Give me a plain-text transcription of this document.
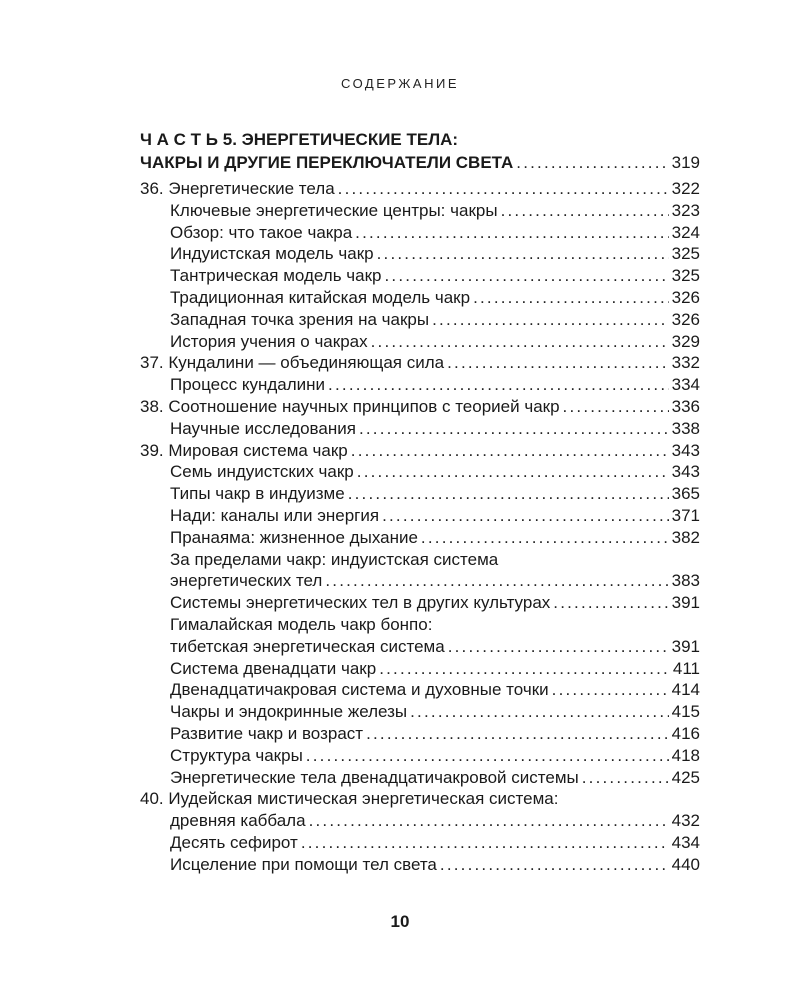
СОДЕРЖАНИЕ
Ч А С Т Ь
5. ЭНЕРГЕТИЧЕСКИЕ ТЕЛА:
ЧАКРЫ И ДРУГИЕ ПЕРЕКЛЮЧАТЕЛИ СВЕТА .....	319
36. Энергетические тела .....	322
Ключевые энергетические центры: чакры .....	323
Обзор: что такое чакра .....	324
Индуистская модель чакр .....	325
Тантрическая модель чакр .....	325
Традиционная китайская модель чакр .....	326
Западная точка зрения на чакры .....	326
История учения о чакрах .....	329
37. Кундалини — объединяющая сила .....	332
Процесс кундалини .....	334
38. Соотношение научных принципов с теорией чакр .....	336
Научные исследования .....	338
39. Мировая система чакр .....	343
Семь индуистских чакр .....	343
Типы чакр в индуизме .....	365
Нади: каналы или энергия .....	371
Пранаяма: жизненное дыхание .....	382
За пределами чакр: индуистская система
энергетических тел .....	383
Системы энергетических тел в других культурах .....	391
Гималайская модель чакр бонпо:
тибетская энергетическая система .....	391
Система двенадцати чакр .....	411
Двенадцатичакровая система и духовные точки .....	414
Чакры и эндокринные железы .....	415
Развитие чакр и возраст .....	416
Структура чакры .....	418
Энергетические тела двенадцатичакровой системы .....	425
40. Иудейская мистическая энергетическая система:
древняя каббала .....	432
Десять сефирот .....	434
Исцеление при помощи тел света .....	440
10
